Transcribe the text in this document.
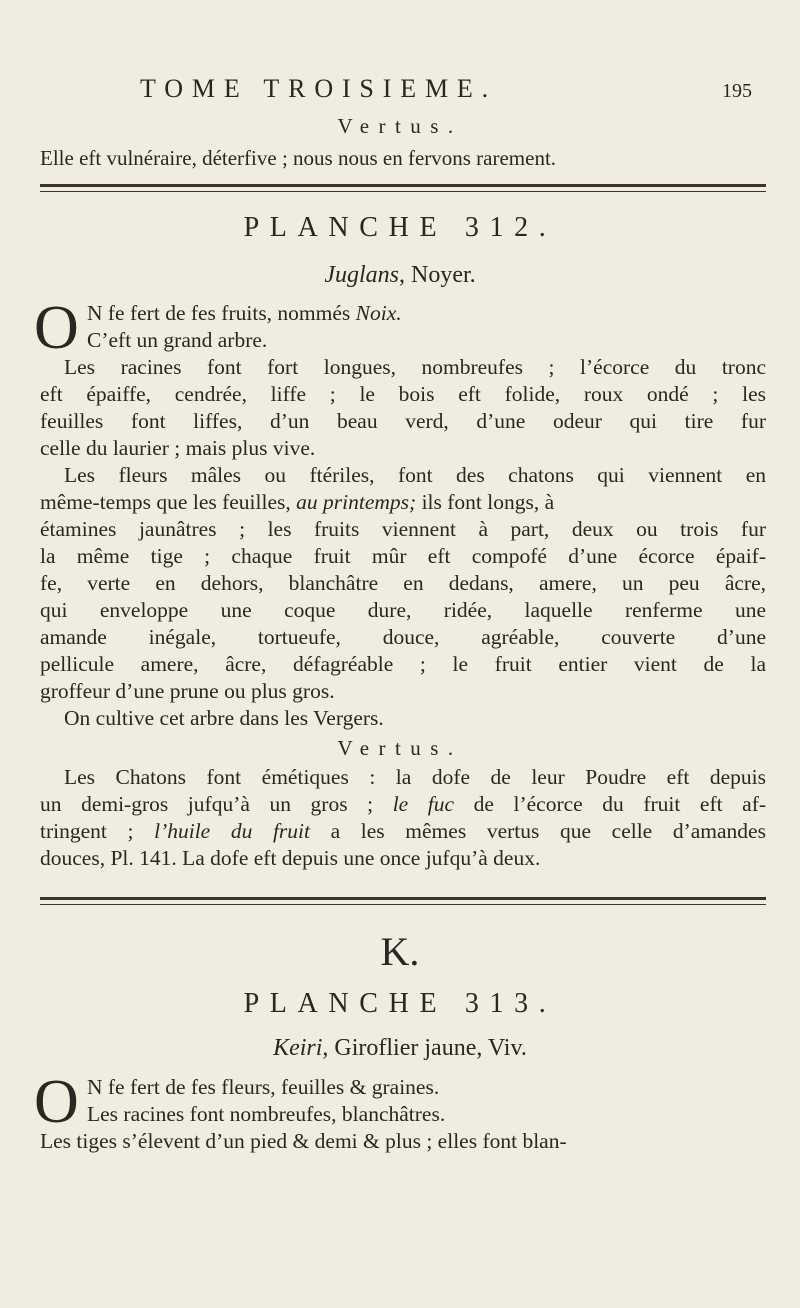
TOME TROISIEME.	195
Vertus.
Elle eft vulnéraire, déterfive ; nous nous en fervons rarement.
PLANCHE 312.
Juglans, Noyer.
O N fe fert de fes fruits, nommés Noix.
C’eft un grand arbre.
Les racines font fort longues, nombreufes ; l’écorce du tronc
eft épaiffe, cendrée, liffe ; le bois eft folide, roux ondé ; les
feuilles font liffes, d’un beau verd, d’une odeur qui tire fur
celle du laurier ; mais plus vive.
Les fleurs mâles ou ftériles, font des chatons qui viennent en
même-temps que les feuilles, au printemps; ils font longs, à
étamines jaunâtres ; les fruits viennent à part, deux ou trois fur
la même tige ; chaque fruit mûr eft compofé d’une écorce épaif-
fe, verte en dehors, blanchâtre en dedans, amere, un peu âcre,
qui enveloppe une coque dure, ridée, laquelle renferme une
amande inégale, tortueufe, douce, agréable, couverte d’une
pellicule amere, âcre, défagréable ; le fruit entier vient de la
groffeur d’une prune ou plus gros.
On cultive cet arbre dans les Vergers.
Vertus.
Les Chatons font émétiques : la dofe de leur Poudre eft depuis
un demi-gros jufqu’à un gros ; le fuc de l’écorce du fruit eft af-
tringent ; l’huile du fruit a les mêmes vertus que celle d’amandes
douces, Pl. 141. La dofe eft depuis une once jufqu’à deux.
K.
PLANCHE 313.
Keiri, Giroflier jaune, Viv.
O N fe fert de fes fleurs, feuilles & graines.
Les racines font nombreufes, blanchâtres.
Les tiges s’élevent d’un pied & demi & plus ; elles font blan-
